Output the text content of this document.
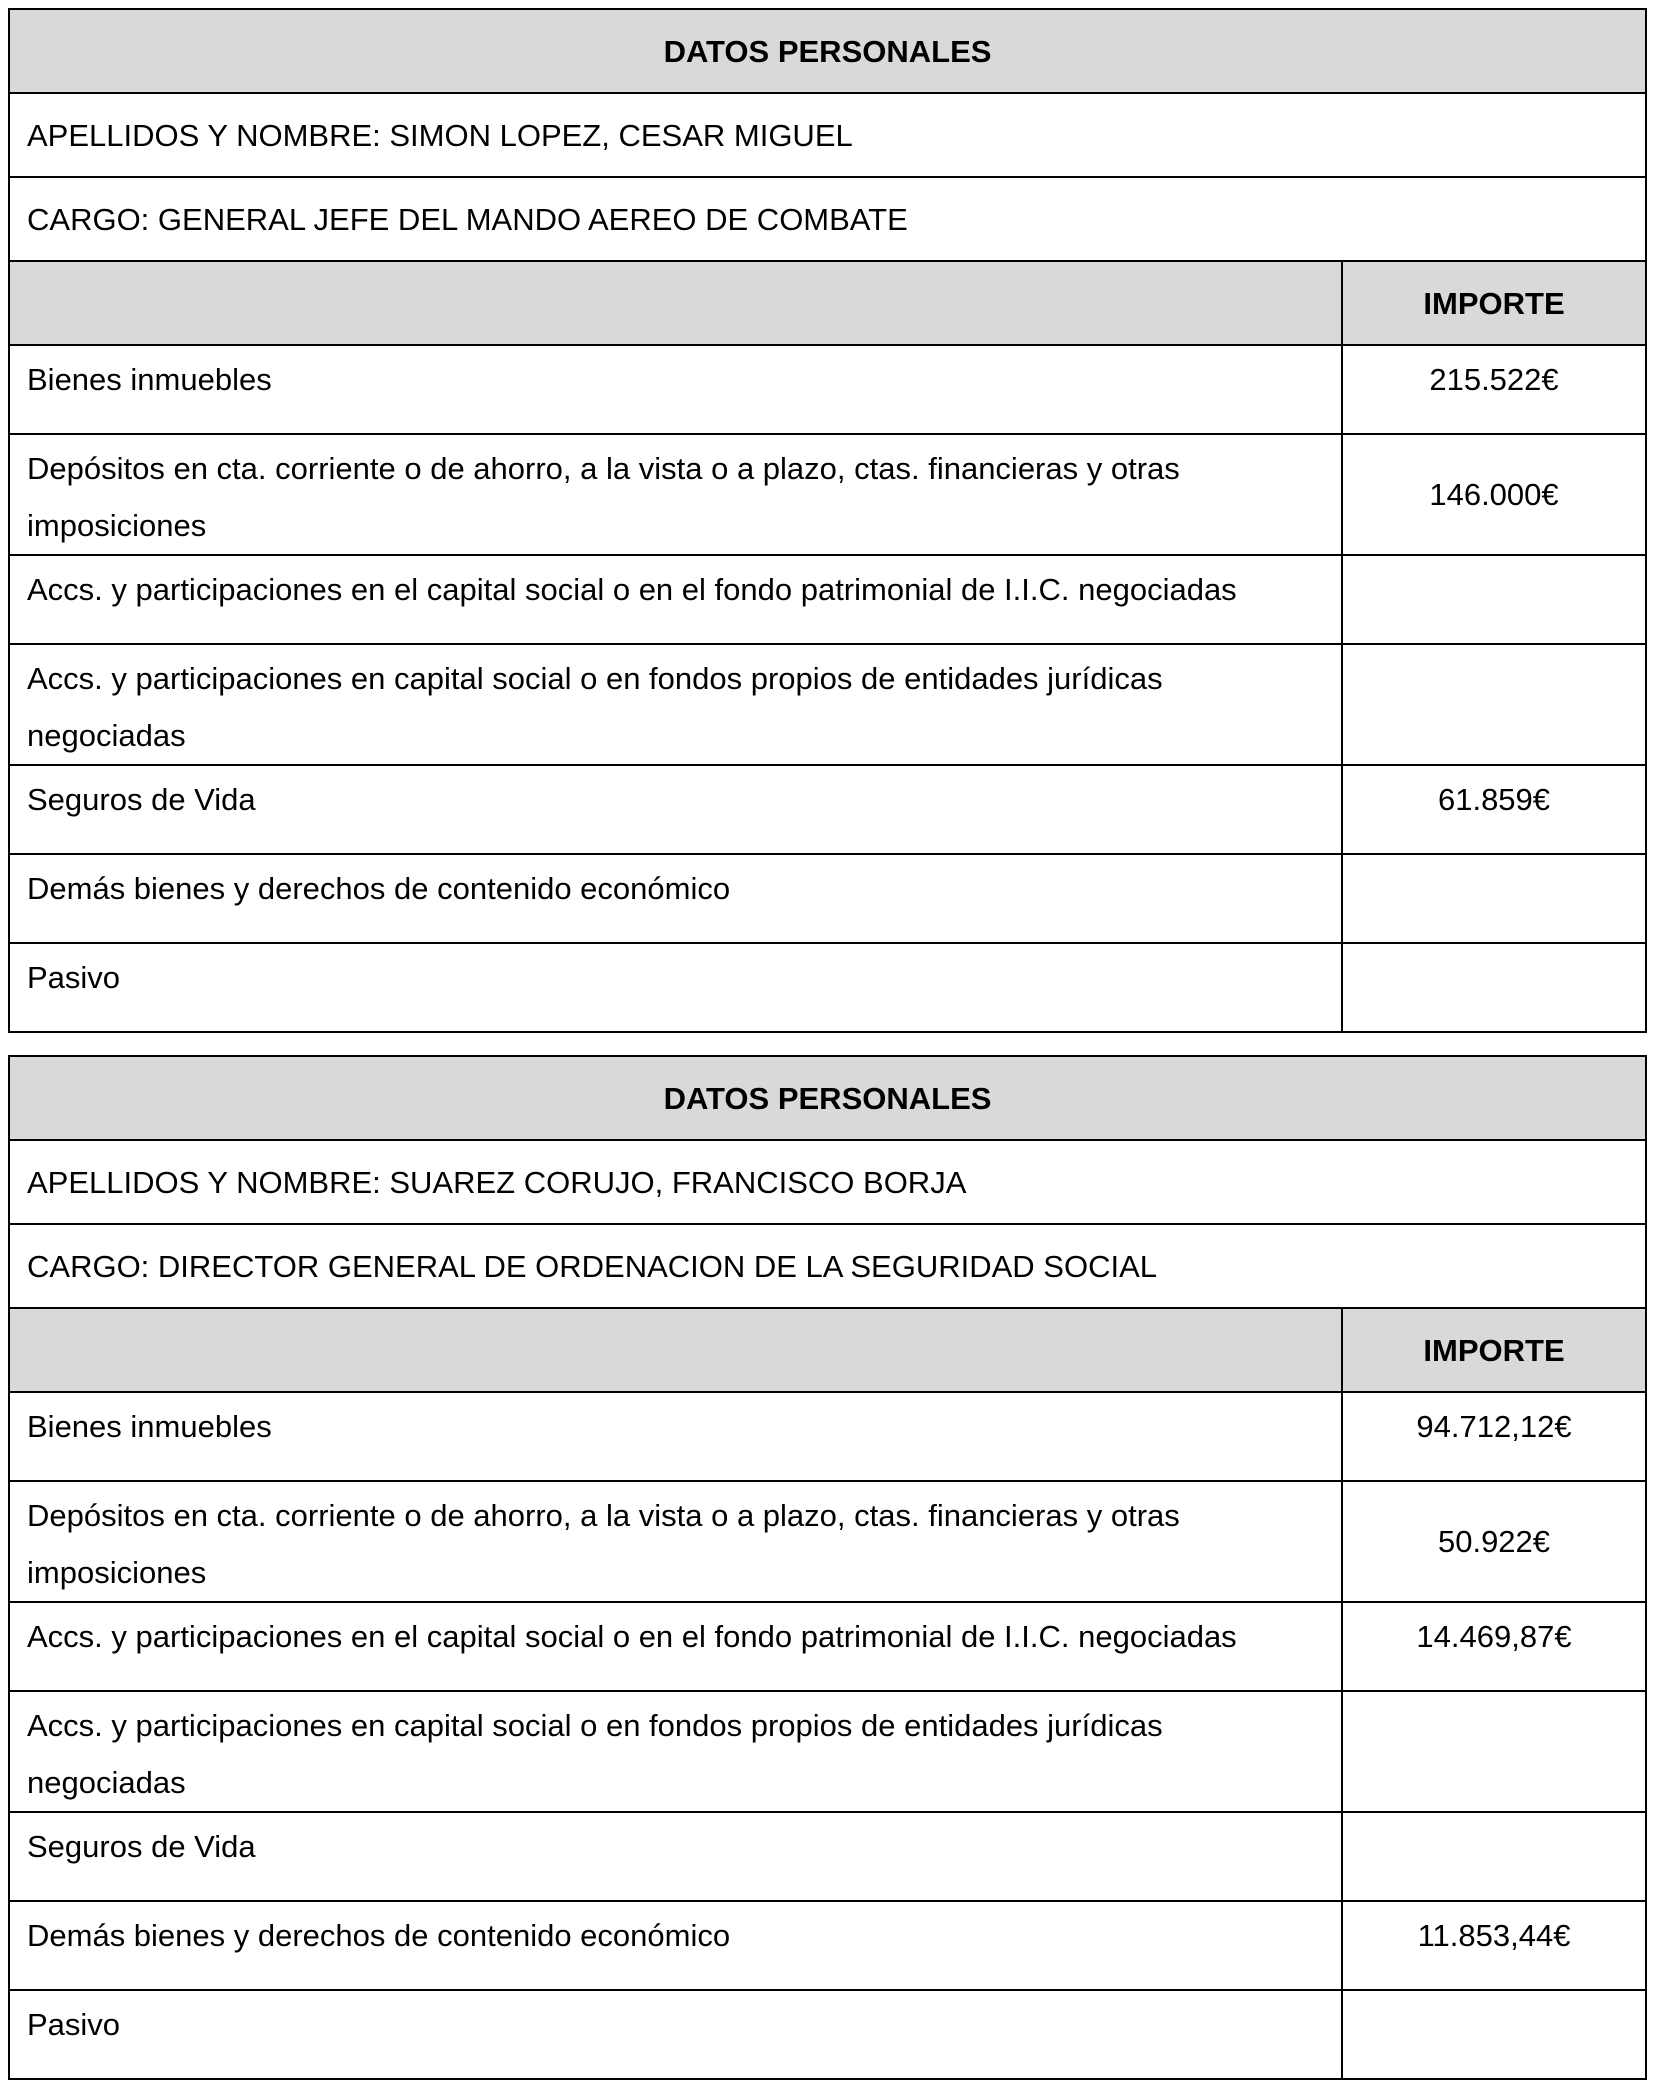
DATOS PERSONALES	
APELLIDOS Y NOMBRE: SIMON LOPEZ, CESAR MIGUEL	
CARGO: GENERAL JEFE DEL MANDO AEREO DE COMBATE	
	IMPORTE
Bienes inmuebles	215.522€
Depósitos en cta. corriente o de ahorro, a la vista o a plazo, ctas. financieras y otras imposiciones	146.000€
Accs. y participaciones en el capital social o en el fondo patrimonial de I.I.C. negociadas	
Accs. y participaciones en capital social o en fondos propios de entidades jurídicas negociadas	
Seguros de Vida	61.859€
Demás bienes y derechos de contenido económico	
Pasivo	
DATOS PERSONALES	
APELLIDOS Y NOMBRE: SUAREZ CORUJO, FRANCISCO BORJA	
CARGO: DIRECTOR GENERAL DE ORDENACION DE LA SEGURIDAD SOCIAL	
	IMPORTE
Bienes inmuebles	94.712,12€
Depósitos en cta. corriente o de ahorro, a la vista o a plazo, ctas. financieras y otras imposiciones	50.922€
Accs. y participaciones en el capital social o en el fondo patrimonial de I.I.C. negociadas	14.469,87€
Accs. y participaciones en capital social o en fondos propios de entidades jurídicas negociadas	
Seguros de Vida	
Demás bienes y derechos de contenido económico	11.853,44€
Pasivo	
